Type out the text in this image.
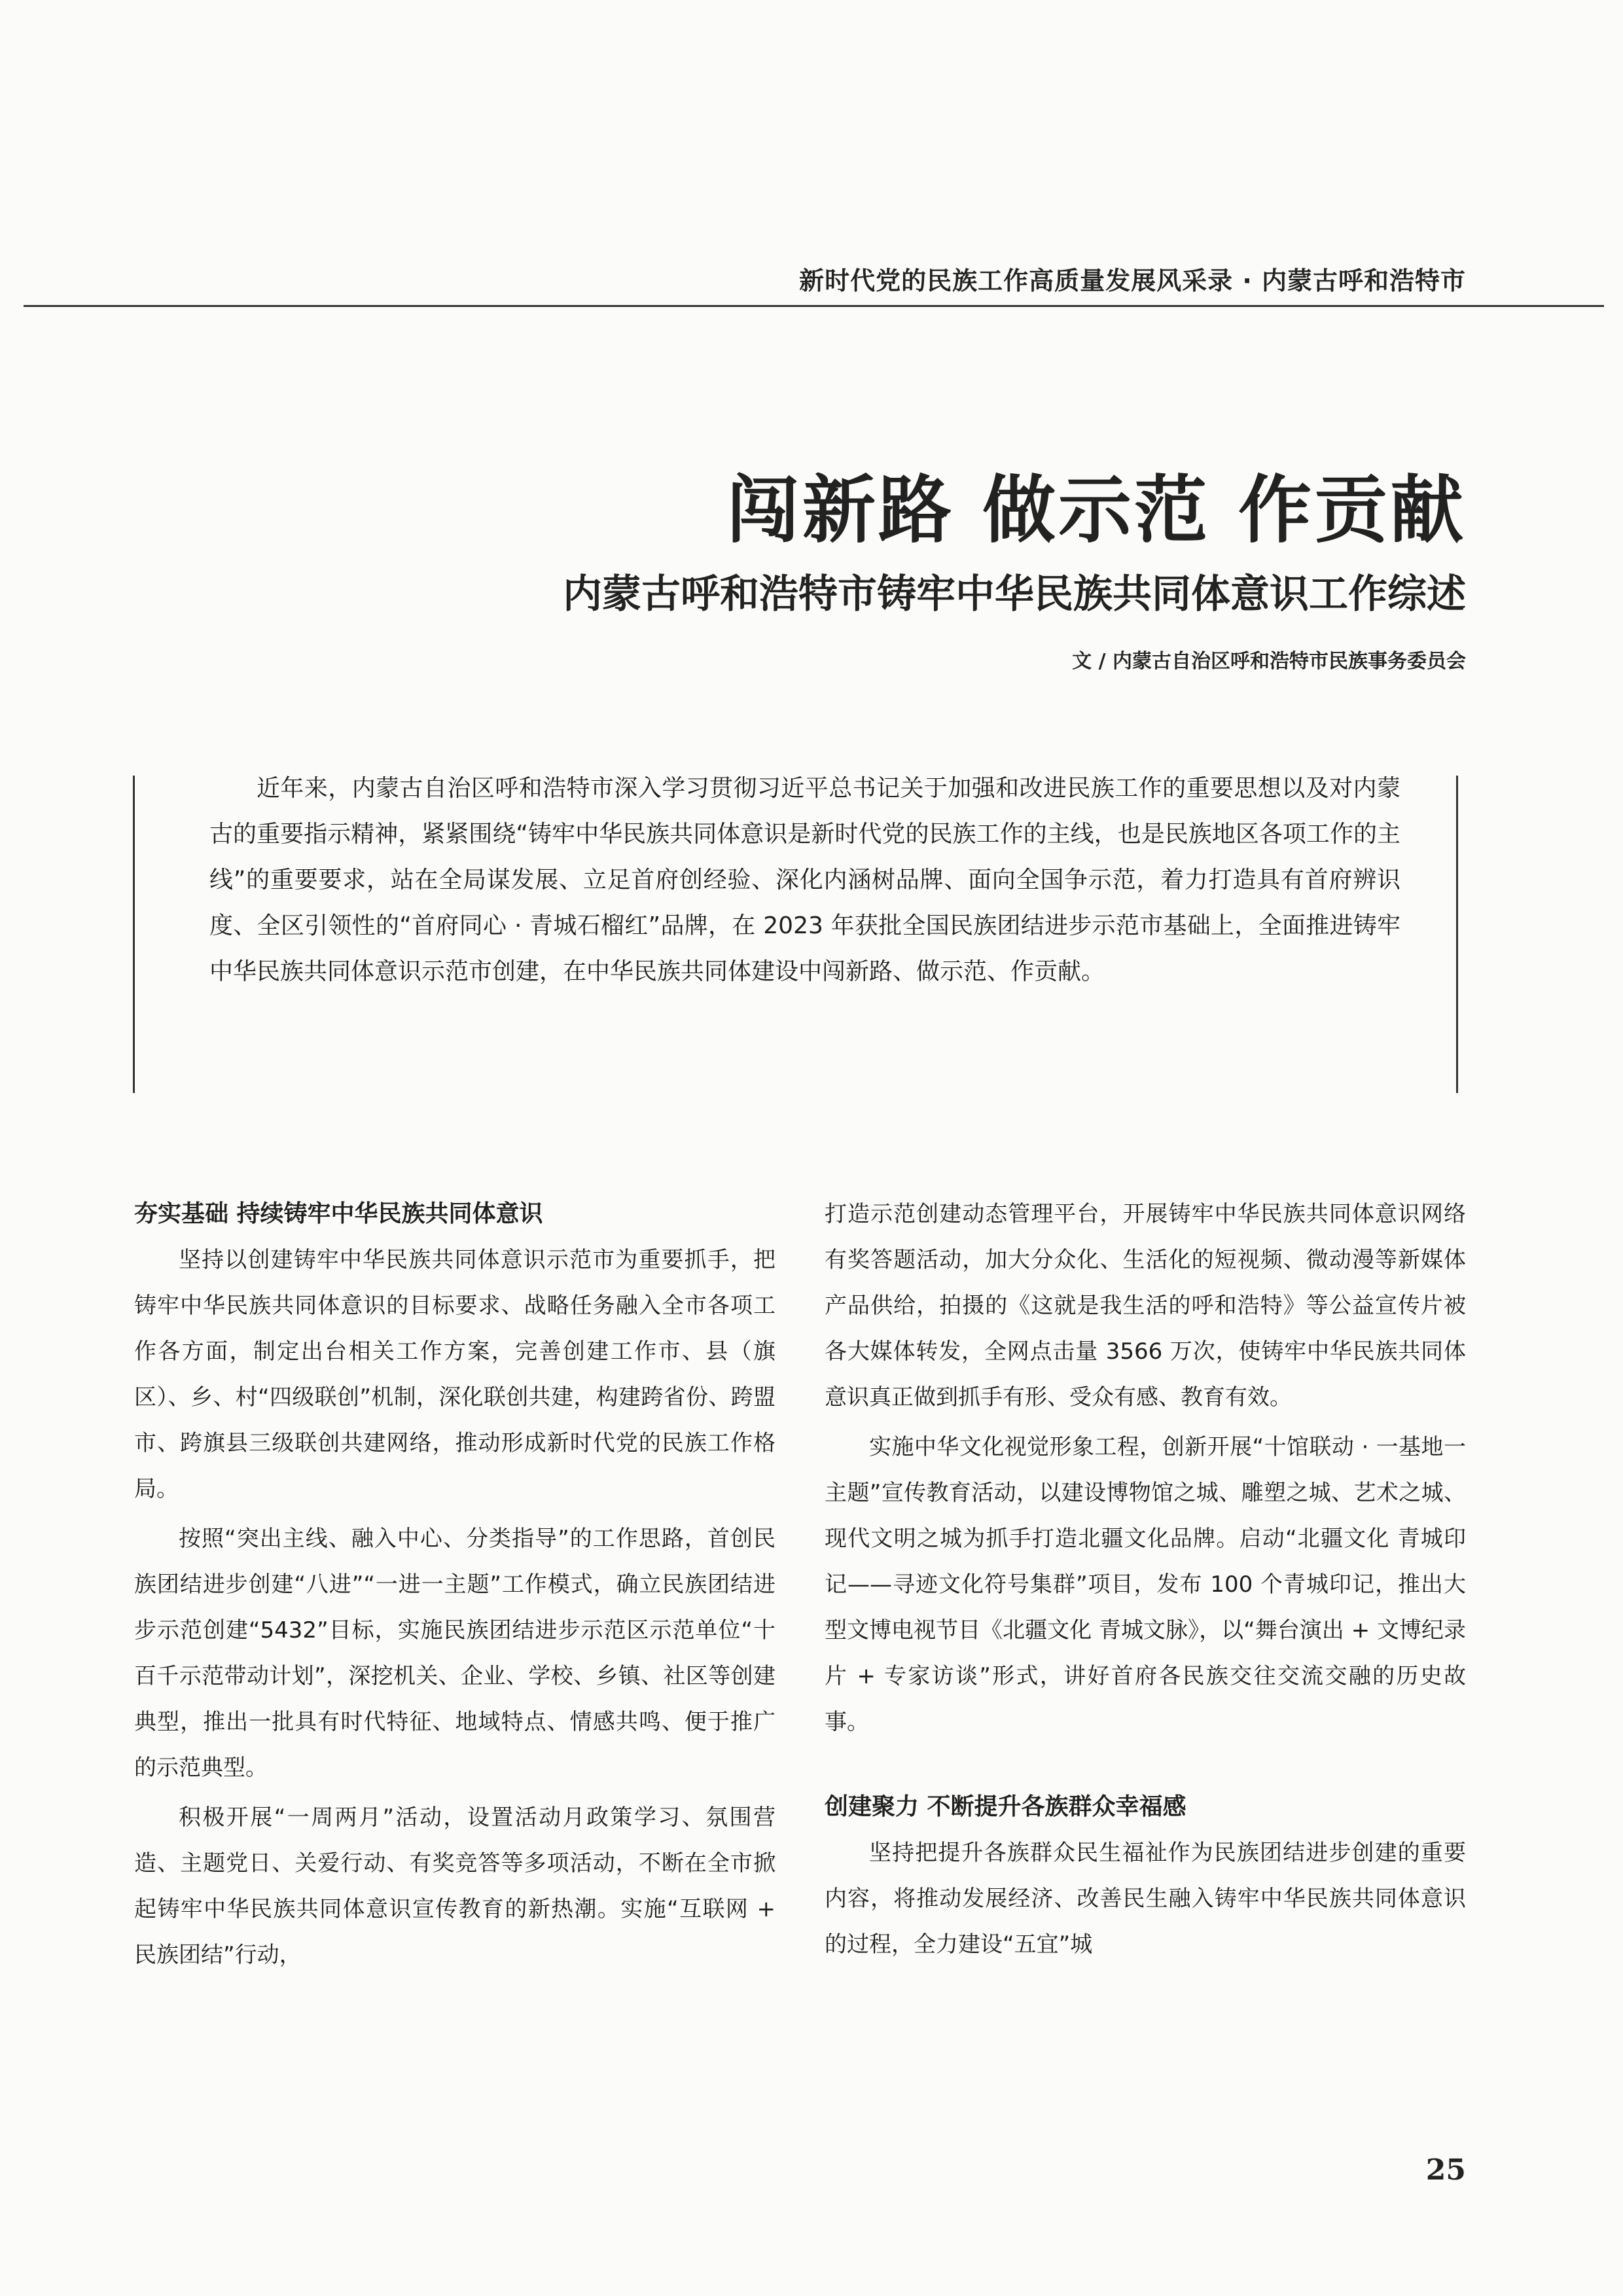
新时代党的民族工作高质量发展风采录 · 内蒙古呼和浩特市
闯新路 做示范 作贡献
内蒙古呼和浩特市铸牢中华民族共同体意识工作综述
文 / 内蒙古自治区呼和浩特市民族事务委员会

近年来，内蒙古自治区呼和浩特市深入学习贯彻习近平总书记关于加强和改进民族工作的重要思想以及对内蒙古的重要指示精神，紧紧围绕“铸牢中华民族共同体意识是新时代党的民族工作的主线，也是民族地区各项工作的主线”的重要要求，站在全局谋发展、立足首府创经验、深化内涵树品牌、面向全国争示范，着力打造具有首府辨识度、全区引领性的“首府同心 · 青城石榴红”品牌，在 2023 年获批全国民族团结进步示范市基础上，全面推进铸牢中华民族共同体意识示范市创建，在中华民族共同体建设中闯新路、做示范、作贡献。

夯实基础 持续铸牢中华民族共同体意识

坚持以创建铸牢中华民族共同体意识示范市为重要抓手，把铸牢中华民族共同体意识的目标要求、战略任务融入全市各项工作各方面，制定出台相关工作方案，完善创建工作市、县（旗区）、乡、村“四级联创”机制，深化联创共建，构建跨省份、跨盟市、跨旗县三级联创共建网络，推动形成新时代党的民族工作格局。

按照“突出主线、融入中心、分类指导”的工作思路，首创民族团结进步创建“八进”“一进一主题”工作模式，确立民族团结进步示范创建“5432”目标，实施民族团结进步示范区示范单位“十百千示范带动计划”，深挖机关、企业、学校、乡镇、社区等创建典型，推出一批具有时代特征、地域特点、情感共鸣、便于推广的示范典型。

积极开展“一周两月”活动，设置活动月政策学习、氛围营造、主题党日、关爱行动、有奖竞答等多项活动，不断在全市掀起铸牢中华民族共同体意识宣传教育的新热潮。实施“互联网 + 民族团结”行动，

打造示范创建动态管理平台，开展铸牢中华民族共同体意识网络有奖答题活动，加大分众化、生活化的短视频、微动漫等新媒体产品供给，拍摄的《这就是我生活的呼和浩特》等公益宣传片被各大媒体转发，全网点击量 3566 万次，使铸牢中华民族共同体意识真正做到抓手有形、受众有感、教育有效。

实施中华文化视觉形象工程，创新开展“十馆联动 · 一基地一主题”宣传教育活动，以建设博物馆之城、雕塑之城、艺术之城、现代文明之城为抓手打造北疆文化品牌。启动“北疆文化 青城印记——寻迹文化符号集群”项目，发布 100 个青城印记，推出大型文博电视节目《北疆文化 青城文脉》，以“舞台演出 + 文博纪录片 + 专家访谈”形式，讲好首府各民族交往交流交融的历史故事。

创建聚力 不断提升各族群众幸福感

坚持把提升各族群众民生福祉作为民族团结进步创建的重要内容，将推动发展经济、改善民生融入铸牢中华民族共同体意识的过程，全力建设“五宜”城

25
